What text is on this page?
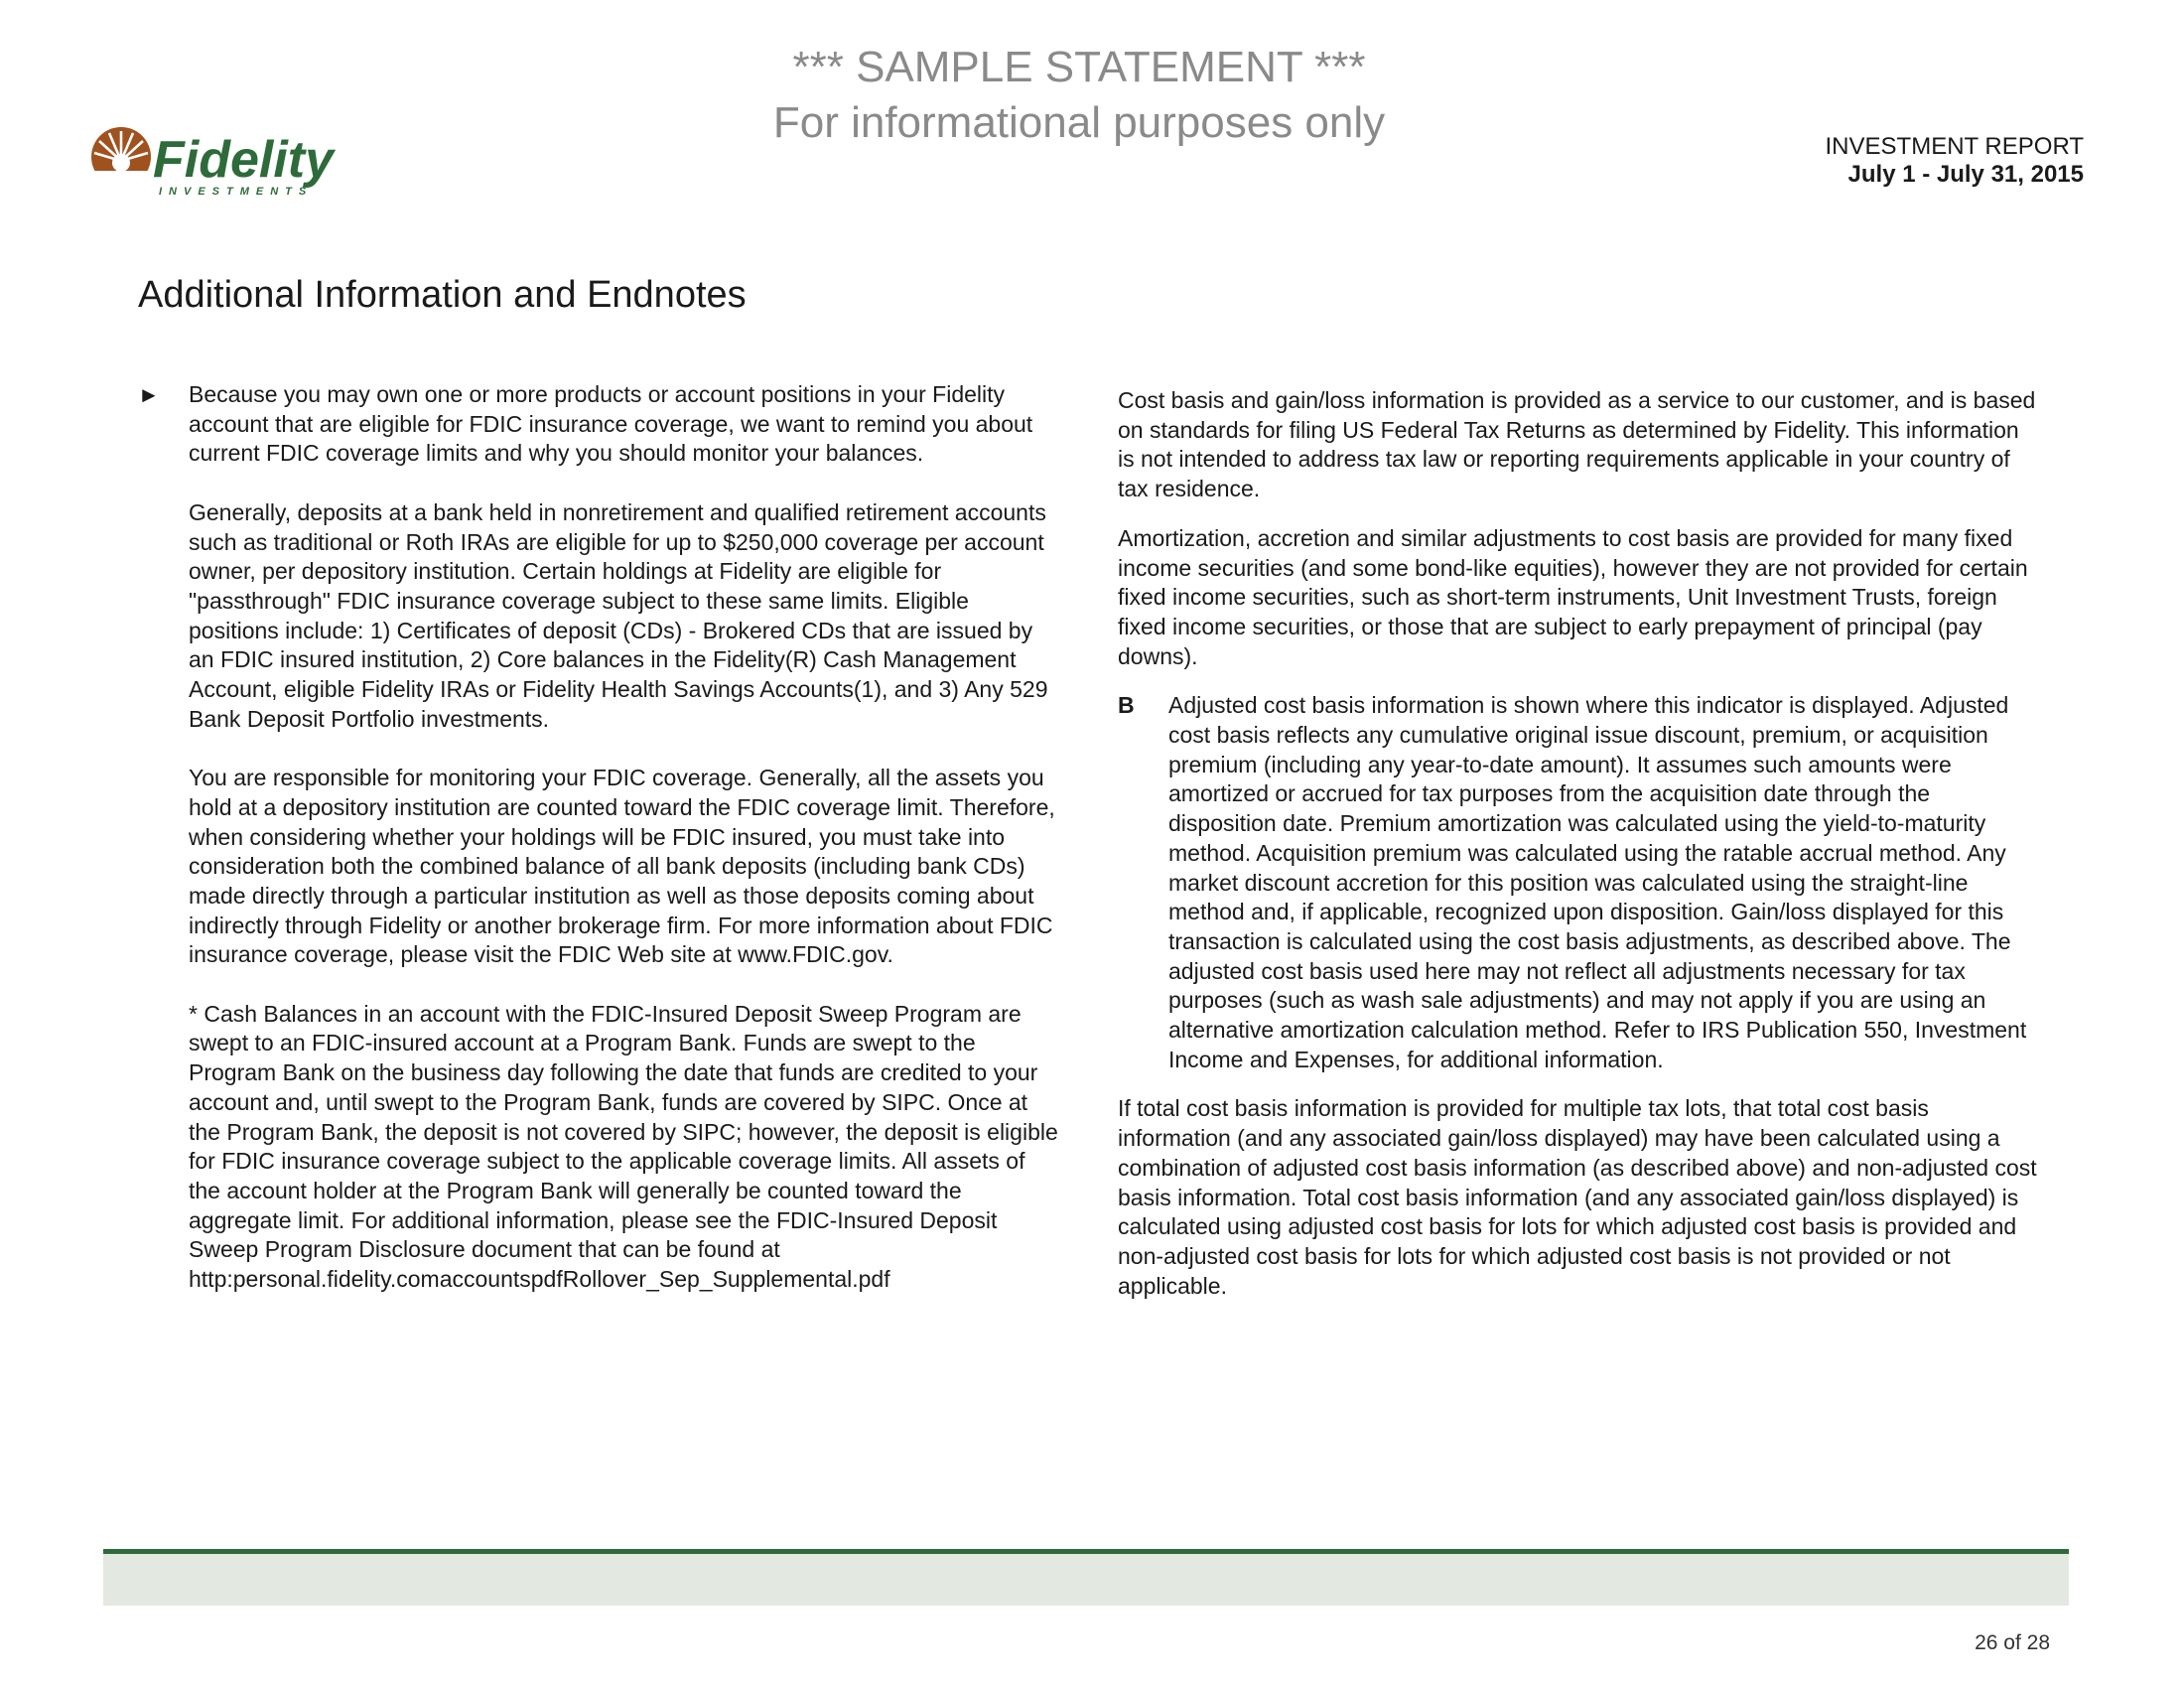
*** SAMPLE STATEMENT ***
For informational purposes only
Fidelity
INVESTMENTS
INVESTMENT REPORT
July 1 - July 31, 2015
Additional Information and Endnotes
► Because you may own one or more products or account positions in your Fidelity account that are eligible for FDIC insurance coverage, we want to remind you about current FDIC coverage limits and why you should monitor your balances.

Generally, deposits at a bank held in nonretirement and qualified retirement accounts such as traditional or Roth IRAs are eligible for up to $250,000 coverage per account owner, per depository institution. Certain holdings at Fidelity are eligible for "passthrough" FDIC insurance coverage subject to these same limits. Eligible positions include: 1) Certificates of deposit (CDs) - Brokered CDs that are issued by an FDIC insured institution, 2) Core balances in the Fidelity(R) Cash Management Account, eligible Fidelity IRAs or Fidelity Health Savings Accounts(1), and 3) Any 529 Bank Deposit Portfolio investments.

You are responsible for monitoring your FDIC coverage. Generally, all the assets you hold at a depository institution are counted toward the FDIC coverage limit. Therefore, when considering whether your holdings will be FDIC insured, you must take into consideration both the combined balance of all bank deposits (including bank CDs) made directly through a particular institution as well as those deposits coming about indirectly through Fidelity or another brokerage firm. For more information about FDIC insurance coverage, please visit the FDIC Web site at www.FDIC.gov.

* Cash Balances in an account with the FDIC-Insured Deposit Sweep Program are swept to an FDIC-insured account at a Program Bank. Funds are swept to the Program Bank on the business day following the date that funds are credited to your account and, until swept to the Program Bank, funds are covered by SIPC. Once at the Program Bank, the deposit is not covered by SIPC; however, the deposit is eligible for FDIC insurance coverage subject to the applicable coverage limits. All assets of the account holder at the Program Bank will generally be counted toward the aggregate limit. For additional information, please see the FDIC-Insured Deposit Sweep Program Disclosure document that can be found at http:personal.fidelity.comaccountspdfRollover_Sep_Supplemental.pdf

Cost basis and gain/loss information is provided as a service to our customer, and is based on standards for filing US Federal Tax Returns as determined by Fidelity. This information is not intended to address tax law or reporting requirements applicable in your country of tax residence.

Amortization, accretion and similar adjustments to cost basis are provided for many fixed income securities (and some bond-like equities), however they are not provided for certain fixed income securities, such as short-term instruments, Unit Investment Trusts, foreign fixed income securities, or those that are subject to early prepayment of principal (pay downs).

B Adjusted cost basis information is shown where this indicator is displayed. Adjusted cost basis reflects any cumulative original issue discount, premium, or acquisition premium (including any year-to-date amount). It assumes such amounts were amortized or accrued for tax purposes from the acquisition date through the disposition date. Premium amortization was calculated using the yield-to-maturity method. Acquisition premium was calculated using the ratable accrual method. Any market discount accretion for this position was calculated using the straight-line method and, if applicable, recognized upon disposition. Gain/loss displayed for this transaction is calculated using the cost basis adjustments, as described above. The adjusted cost basis used here may not reflect all adjustments necessary for tax purposes (such as wash sale adjustments) and may not apply if you are using an alternative amortization calculation method. Refer to IRS Publication 550, Investment Income and Expenses, for additional information.

If total cost basis information is provided for multiple tax lots, that total cost basis information (and any associated gain/loss displayed) may have been calculated using a combination of adjusted cost basis information (as described above) and non-adjusted cost basis information. Total cost basis information (and any associated gain/loss displayed) is calculated using adjusted cost basis for lots for which adjusted cost basis is provided and non-adjusted cost basis for lots for which adjusted cost basis is not provided or not applicable.

26 of 28
